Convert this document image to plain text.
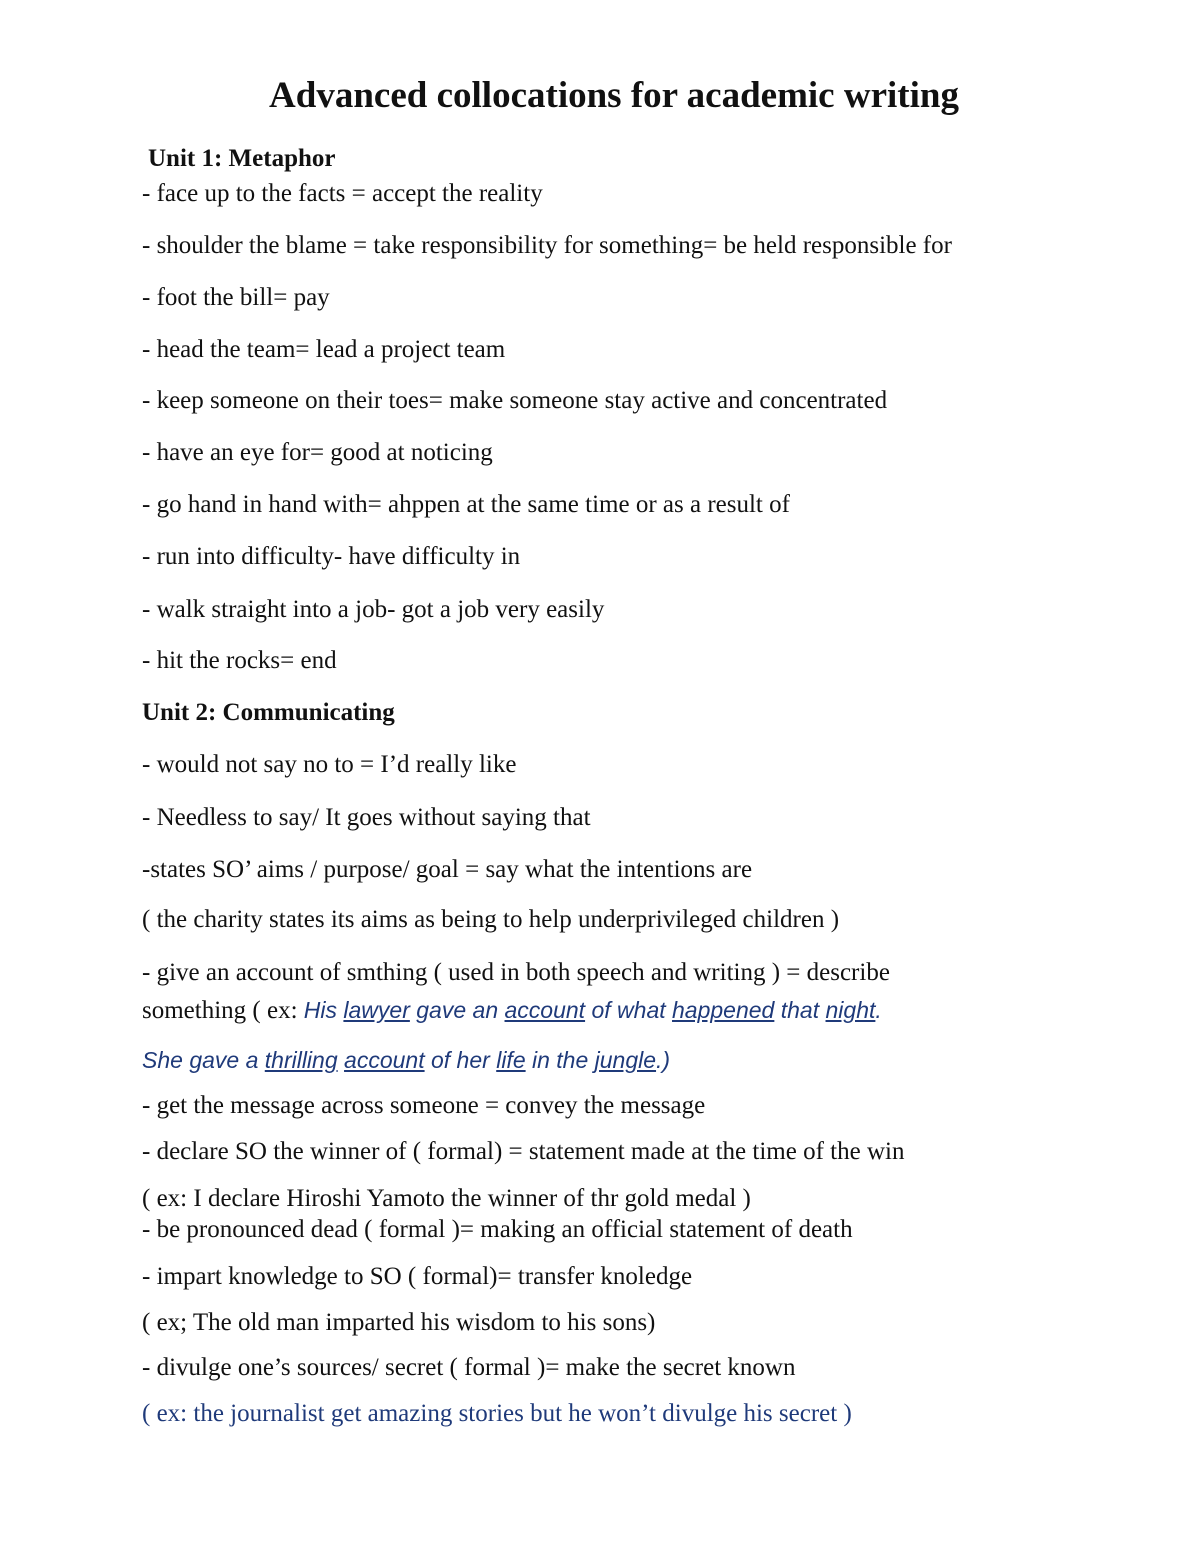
Advanced collocations for academic writing
Unit 1: Metaphor
- face up to the facts = accept the reality
- shoulder the blame = take responsibility for something= be held responsible for
- foot the bill= pay
- head the team= lead a project team
- keep someone on their toes= make someone stay active and concentrated
- have an eye for= good at noticing
- go hand in hand with= ahppen at the same time or as a result of
- run into difficulty- have difficulty in
- walk straight into a job- got a job very easily
- hit the rocks= end
Unit 2: Communicating
- would not say no to = I’d really like
- Needless to say/ It goes without saying that
-states SO’ aims / purpose/ goal = say what the intentions are
( the charity states its aims as being to help underprivileged children )
- give an account of smthing ( used in both speech and writing ) = describe
something ( ex: His lawyer gave an account of what happened that night.
She gave a thrilling account of her life in the jungle.)
- get the message across someone = convey the message
- declare SO the winner of ( formal) = statement made at the time of the win
( ex: I declare Hiroshi Yamoto the winner of thr gold medal )
- be pronounced dead ( formal )= making an official statement of death
- impart knowledge to SO ( formal)= transfer knoledge
( ex; The old man imparted his wisdom to his sons)
- divulge one’s sources/ secret ( formal )= make the secret known
( ex: the journalist get amazing stories but he won’t divulge his secret )
